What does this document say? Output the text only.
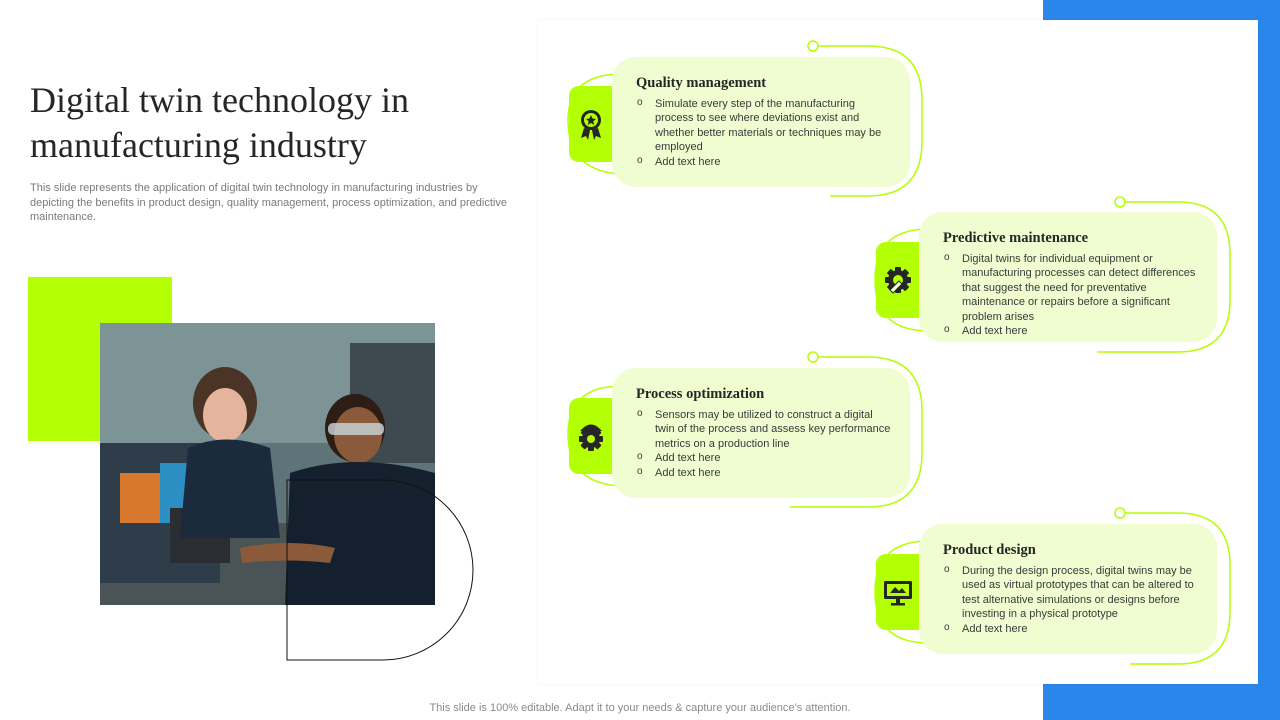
Digital twin technology in manufacturing industry

This slide represents the application of digital twin technology in manufacturing industries by depicting the benefits in product design, quality management, process optimization, and predictive maintenance.

Quality management
o Simulate every step of the manufacturing process to see where deviations exist and whether better materials or techniques may be employed
o Add text here
Predictive maintenance
o Digital twins for individual equipment or manufacturing processes can detect differences that suggest the need for preventative maintenance or repairs before a significant problem arises
o Add text here
Process optimization
o Sensors may be utilized to construct a digital twin of the process and assess key performance metrics on a production line
o Add text here
o Add text here
Product design
o During the design process, digital twins may be used as virtual prototypes that can be altered to test alternative simulations or designs before investing in a physical prototype
o Add text here
This slide is 100% editable. Adapt it to your needs & capture your audience’s attention.
